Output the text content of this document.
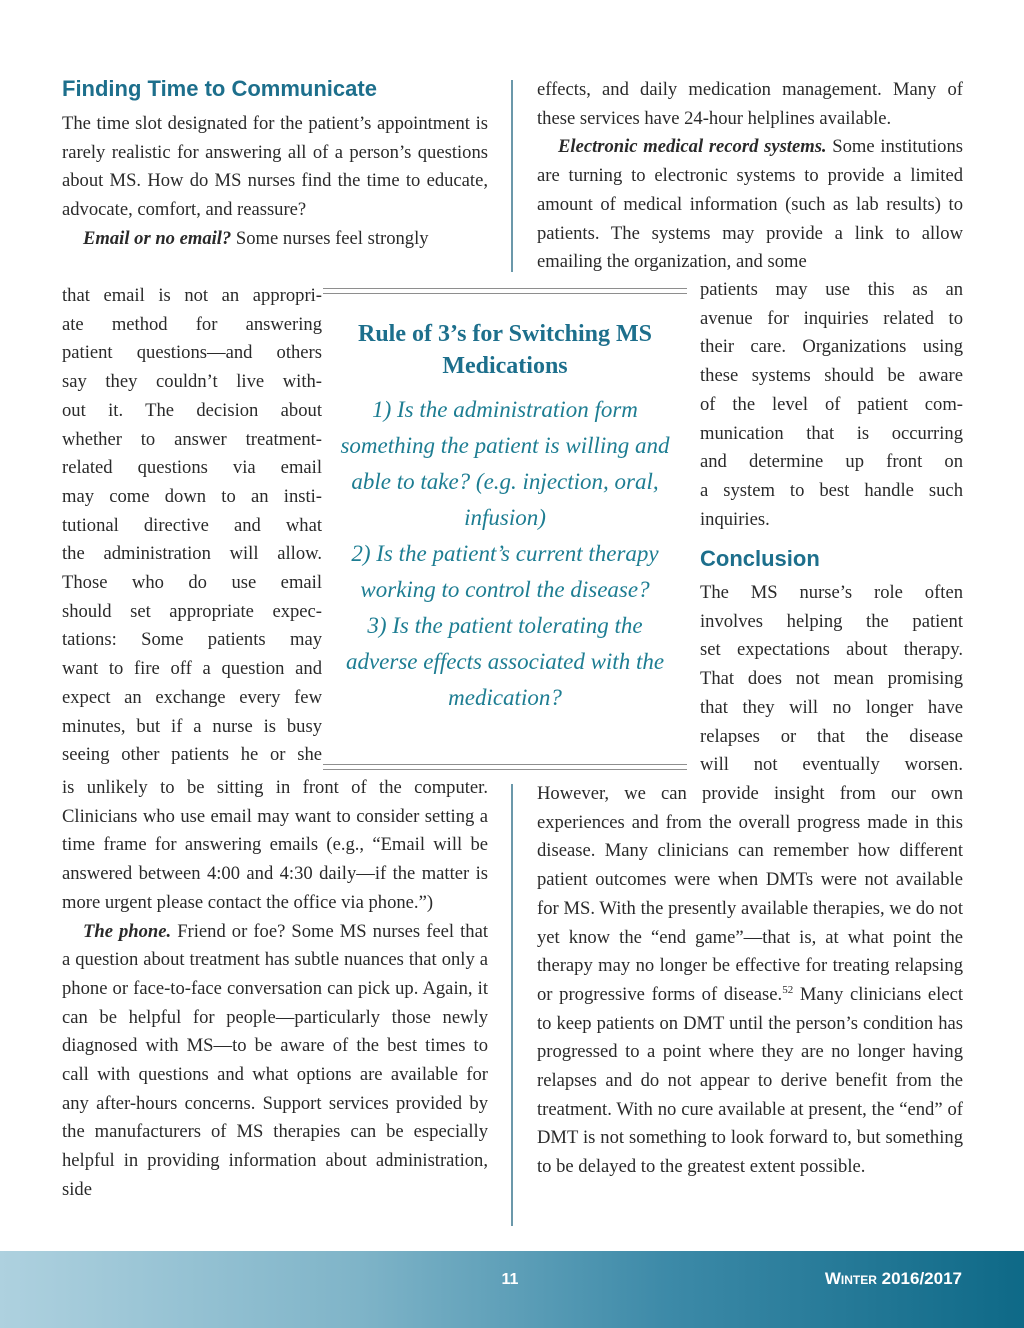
Finding Time to Communicate

The time slot designated for the patient’s appointment is rarely realistic for answering all of a person’s questions about MS. How do MS nurses find the time to educate, advocate, comfort, and reassure?

Email or no email? Some nurses feel strongly

that email is not an appropri-
ate method for answering
patient questions—and others
say they couldn’t live with-
out it. The decision about
whether to answer treatment-
related questions via email
may come down to an insti-
tutional directive and what
the administration will allow.
Those who do use email
should set appropriate expec-
tations: Some patients may
want to fire off a question and
expect an exchange every few
minutes, but if a nurse is busy
seeing other patients he or she

is unlikely to be sitting in front of the computer. Clinicians who use email may want to consider setting a time frame for answering emails (e.g., “Email will be answered between 4:00 and 4:30 daily—if the matter is more urgent please contact the office via phone.”)

The phone. Friend or foe? Some MS nurses feel that a question about treatment has subtle nuances that only a phone or face-to-face conversation can pick up. Again, it can be helpful for people—particularly those newly diagnosed with MS—to be aware of the best times to call with questions and what options are available for any after-hours concerns. Support services provided by the manufacturers of MS therapies can be especially helpful in providing information about administration, side

effects, and daily medication management. Many of these services have 24-hour helplines available.

Electronic medical record systems. Some institutions are turning to electronic systems to provide a limited amount of medical information (such as lab results) to patients. The systems may provide a link to allow emailing the organization, and some

patients may use this as an
avenue for inquiries related to
their care. Organizations using
these systems should be aware
of the level of patient com-
munication that is occurring
and determine up front on
a system to best handle such
inquiries.
Conclusion
The MS nurse’s role often
involves helping the patient
set expectations about therapy.
That does not mean promising
that they will no longer have
relapses or that the disease
will not eventually worsen.

However, we can provide insight from our own experiences and from the overall progress made in this disease. Many clinicians can remember how different patient outcomes were when DMTs were not available for MS. With the presently available therapies, we do not yet know the “end game”—that is, at what point the therapy may no longer be effective for treating relapsing or progressive forms of disease.$^{52}$ Many clinicians elect to keep patients on DMT until the person’s condition has progressed to a point where they are no longer having relapses and do not appear to derive benefit from the treatment. With no cure available at present, the “end” of DMT is not something to look forward to, but something to be delayed to the greatest extent possible.

Rule of 3’s for Switching MS Medications
1) Is the administration form something the patient is willing and able to take? (e.g. injection, oral, infusion)
2) Is the patient’s current therapy working to control the disease?
3) Is the patient tolerating the adverse effects associated with the medication?
11	Winter 2016/2017
